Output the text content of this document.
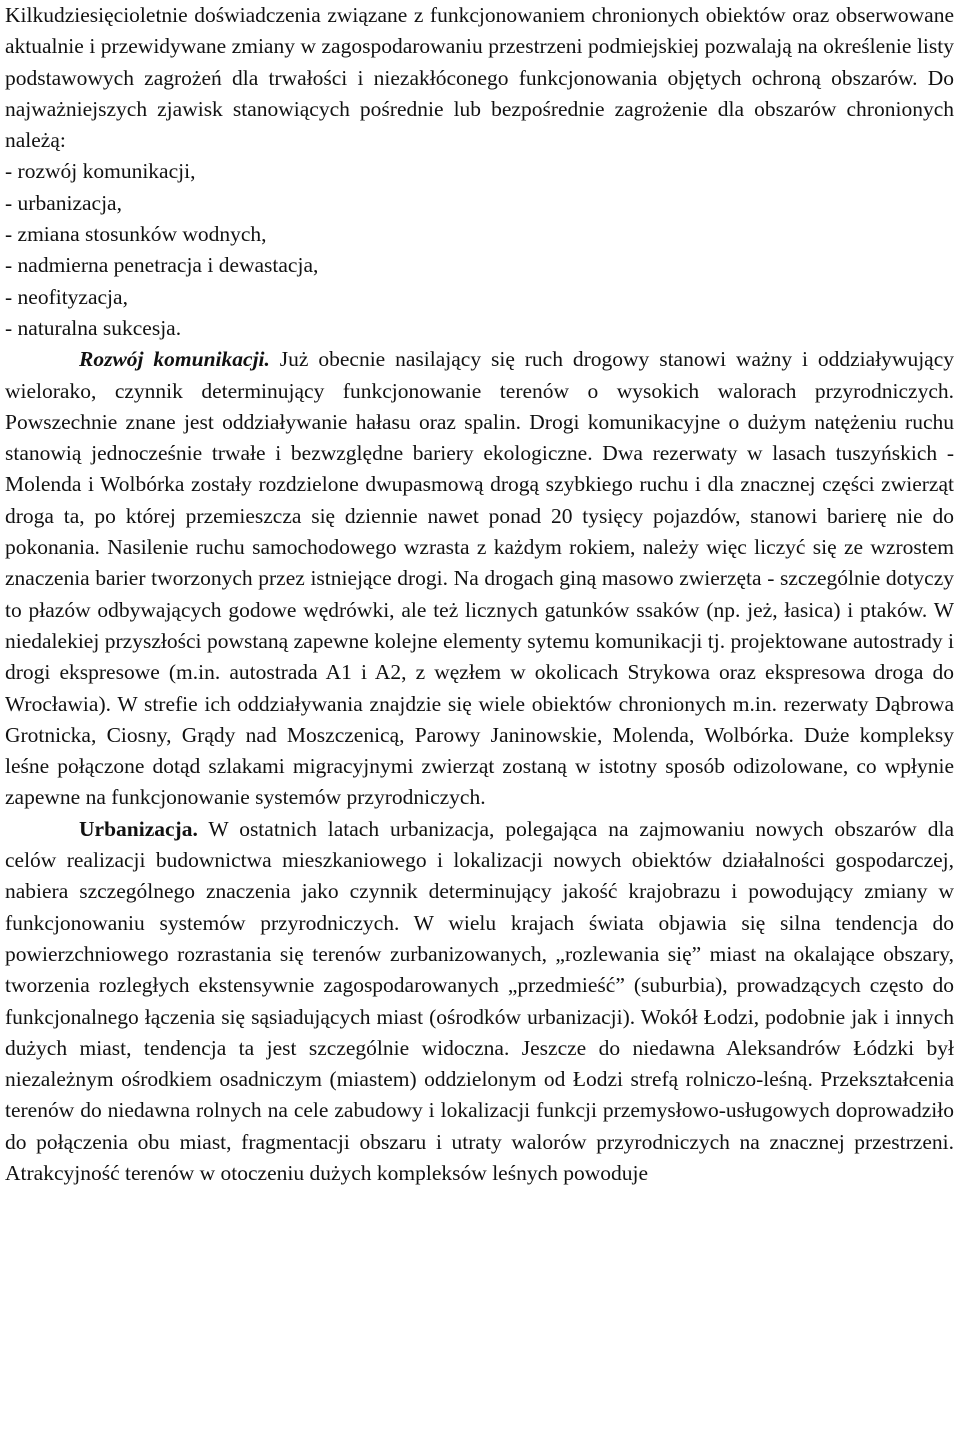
Kilkudziesięcioletnie doświadczenia związane z funkcjonowaniem chronionych obiektów oraz obserwowane aktualnie i przewidywane zmiany w zagospodarowaniu przestrzeni podmiejskiej pozwalają na określenie listy podstawowych zagrożeń dla trwałości i niezakłóconego funkcjonowania objętych ochroną obszarów. Do najważniejszych zjawisk stanowiących pośrednie lub bezpośrednie zagrożenie dla obszarów chronionych należą:

- rozwój komunikacji,
- urbanizacja,
- zmiana stosunków wodnych,
- nadmierna penetracja i dewastacja,
- neofityzacja,
- naturalna sukcesja.

Rozwój komunikacji. Już obecnie nasilający się ruch drogowy stanowi ważny i oddziaływujący wielorako, czynnik determinujący funkcjonowanie terenów o wysokich walorach przyrodniczych. Powszechnie znane jest oddziaływanie hałasu oraz spalin. Drogi komunikacyjne o dużym natężeniu ruchu stanowią jednocześnie trwałe i bezwzględne bariery ekologiczne. Dwa rezerwaty w lasach tuszyńskich - Molenda i Wolbórka zostały rozdzielone dwupasmową drogą szybkiego ruchu i dla znacznej części zwierząt droga ta, po której przemieszcza się dziennie nawet ponad 20 tysięcy pojazdów, stanowi barierę nie do pokonania. Nasilenie ruchu samochodowego wzrasta z każdym rokiem, należy więc liczyć się ze wzrostem znaczenia barier tworzonych przez istniejące drogi. Na drogach giną masowo zwierzęta - szczególnie dotyczy to płazów odbywających godowe wędrówki, ale też licznych gatunków ssaków (np. jeż, łasica) i ptaków. W niedalekiej przyszłości powstaną zapewne kolejne elementy sytemu komunikacji tj. projektowane autostrady i drogi ekspresowe (m.in. autostrada A1 i A2, z węzłem w okolicach Strykowa oraz ekspresowa droga do Wrocławia). W strefie ich oddziaływania znajdzie się wiele obiektów chronionych m.in. rezerwaty Dąbrowa Grotnicka, Ciosny, Grądy nad Moszczenicą, Parowy Janinowskie, Molenda, Wolbórka. Duże kompleksy leśne połączone dotąd szlakami migracyjnymi zwierząt zostaną w istotny sposób odizolowane, co wpłynie zapewne na funkcjonowanie systemów przyrodniczych.

Urbanizacja. W ostatnich latach urbanizacja, polegająca na zajmowaniu nowych obszarów dla celów realizacji budownictwa mieszkaniowego i lokalizacji nowych obiektów działalności gospodarczej, nabiera szczególnego znaczenia jako czynnik determinujący jakość krajobrazu i powodujący zmiany w funkcjonowaniu systemów przyrodniczych. W wielu krajach świata objawia się silna tendencja do powierzchniowego rozrastania się terenów zurbanizowanych, „rozlewania się” miast na okalające obszary, tworzenia rozległych ekstensywnie zagospodarowanych „przedmieść” (suburbia), prowadzących często do funkcjonalnego łączenia się sąsiadujących miast (ośrodków urbanizacji). Wokół Łodzi, podobnie jak i innych dużych miast, tendencja ta jest szczególnie widoczna. Jeszcze do niedawna Aleksandrów Łódzki był niezależnym ośrodkiem osadniczym (miastem) oddzielonym od Łodzi strefą rolniczo-leśną. Przekształcenia terenów do niedawna rolnych na cele zabudowy i lokalizacji funkcji przemysłowo-usługowych doprowadziło do połączenia obu miast, fragmentacji obszaru i utraty walorów przyrodniczych na znacznej przestrzeni. Atrakcyjność terenów w otoczeniu dużych kompleksów leśnych powoduje
